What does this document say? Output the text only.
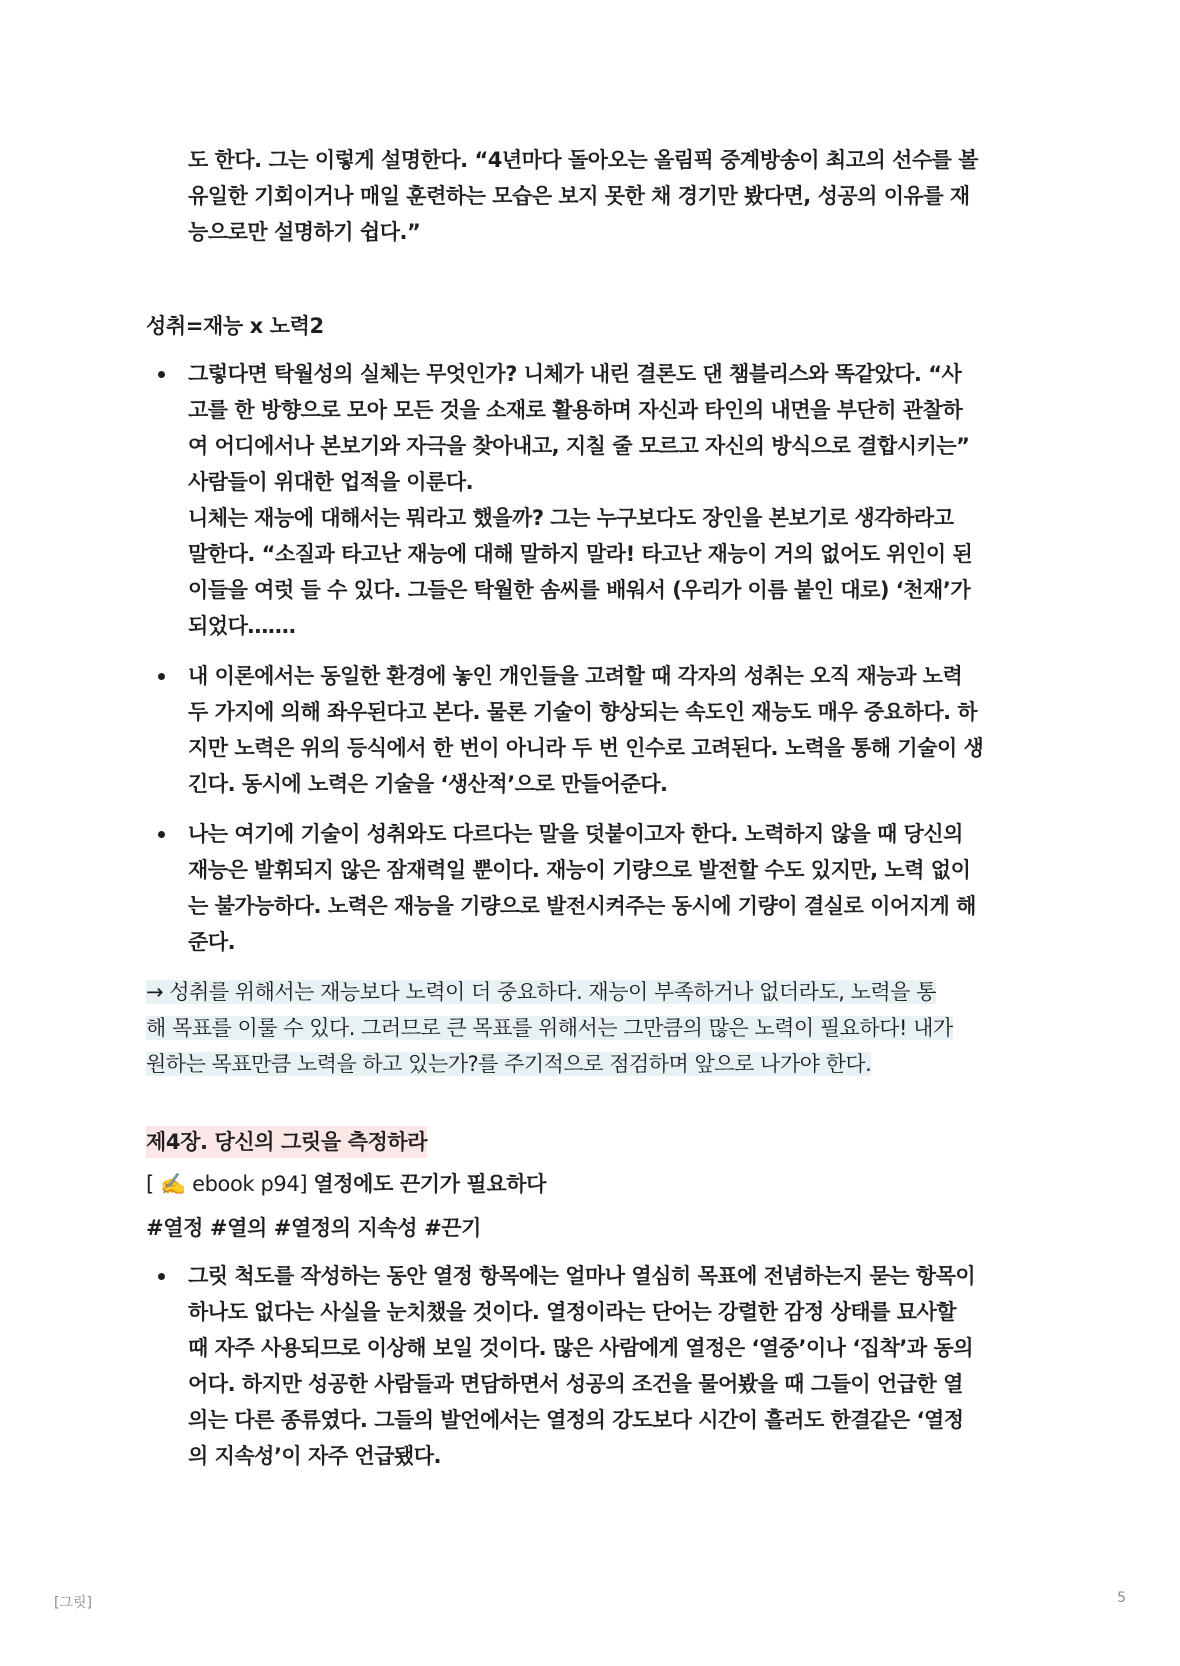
도 한다. 그는 이렇게 설명한다. “4년마다 돌아오는 올림픽 중계방송이 최고의 선수를 볼
유일한 기회이거나 매일 훈련하는 모습은 보지 못한 채 경기만 봤다면, 성공의 이유를 재
능으로만 설명하기 쉽다.”

성취=재능 x 노력2

그렇다면 탁월성의 실체는 무엇인가? 니체가 내린 결론도 댄 챔블리스와 똑같았다. “사
고를 한 방향으로 모아 모든 것을 소재로 활용하며 자신과 타인의 내면을 부단히 관찰하
여 어디에서나 본보기와 자극을 찾아내고, 지칠 줄 모르고 자신의 방식으로 결합시키는”
사람들이 위대한 업적을 이룬다.
니체는 재능에 대해서는 뭐라고 했을까? 그는 누구보다도 장인을 본보기로 생각하라고
말한다. “소질과 타고난 재능에 대해 말하지 말라! 타고난 재능이 거의 없어도 위인이 된
이들을 여럿 들 수 있다. 그들은 탁월한 솜씨를 배워서 (우리가 이름 붙인 대로) ‘천재’가
되었다…….
내 이론에서는 동일한 환경에 놓인 개인들을 고려할 때 각자의 성취는 오직 재능과 노력
두 가지에 의해 좌우된다고 본다. 물론 기술이 향상되는 속도인 재능도 매우 중요하다. 하
지만 노력은 위의 등식에서 한 번이 아니라 두 번 인수로 고려된다. 노력을 통해 기술이 생
긴다. 동시에 노력은 기술을 ‘생산적’으로 만들어준다.
나는 여기에 기술이 성취와도 다르다는 말을 덧붙이고자 한다. 노력하지 않을 때 당신의
재능은 발휘되지 않은 잠재력일 뿐이다. 재능이 기량으로 발전할 수도 있지만, 노력 없이
는 불가능하다. 노력은 재능을 기량으로 발전시켜주는 동시에 기량이 결실로 이어지게 해
준다.
→ 성취를 위해서는 재능보다 노력이 더 중요하다. 재능이 부족하거나 없더라도, 노력을 통
해 목표를 이룰 수 있다. 그러므로 큰 목표를 위해서는 그만큼의 많은 노력이 필요하다! 내가
원하는 목표만큼 노력을 하고 있는가?를 주기적으로 점검하며 앞으로 나가야 한다.
제4장. 당신의 그릿을 측정하라
[ ✍️ ebook p94] 열정에도 끈기가 필요하다
#열정 #열의 #열정의 지속성 #끈기
그릿 척도를 작성하는 동안 열정 항목에는 얼마나 열심히 목표에 전념하는지 묻는 항목이
하나도 없다는 사실을 눈치챘을 것이다. 열정이라는 단어는 강렬한 감정 상태를 묘사할
때 자주 사용되므로 이상해 보일 것이다. 많은 사람에게 열정은 ‘열중’이나 ‘집착’과 동의
어다. 하지만 성공한 사람들과 면담하면서 성공의 조건을 물어봤을 때 그들이 언급한 열
의는 다른 종류였다. 그들의 발언에서는 열정의 강도보다 시간이 흘러도 한결같은 ‘열정
의 지속성’이 자주 언급됐다.
[그릿]	5
